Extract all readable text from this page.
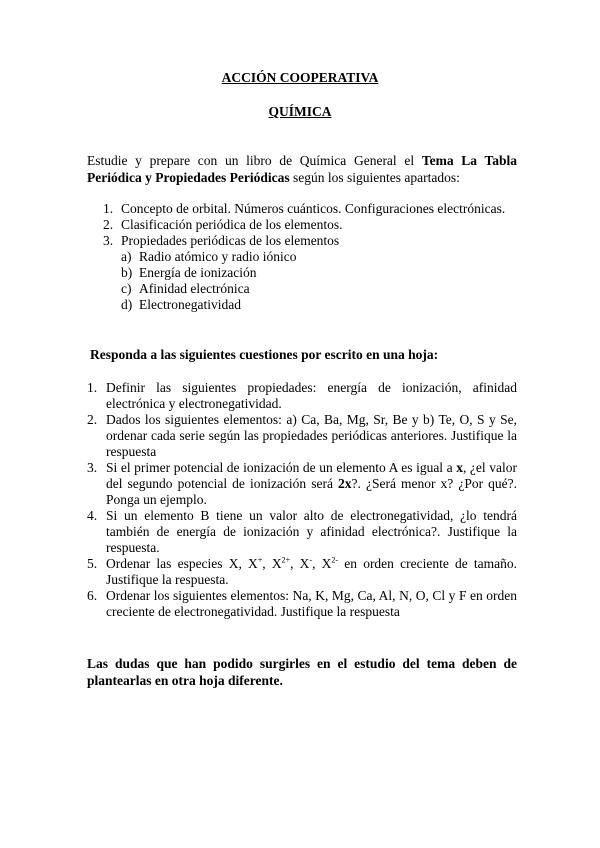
ACCIÓN COOPERATIVA
QUÍMICA
Estudie y prepare con un libro de Química General el Tema La Tabla Periódica y Propiedades Periódicas según los siguientes apartados:
1. Concepto de orbital. Números cuánticos. Configuraciones electrónicas.
2. Clasificación periódica de los elementos.
3. Propiedades periódicas de los elementos
a) Radio atómico y radio iónico
b) Energía de ionización
c) Afinidad electrónica
d) Electronegatividad
Responda a las siguientes cuestiones por escrito en una hoja:
1. Definir las siguientes propiedades: energía de ionización, afinidad electrónica y electronegatividad.
2. Dados los siguientes elementos: a) Ca, Ba, Mg, Sr, Be y b) Te, O, S y Se, ordenar cada serie según las propiedades periódicas anteriores. Justifique la respuesta
3. Si el primer potencial de ionización de un elemento A es igual a x, ¿el valor del segundo potencial de ionización será 2x?. ¿Será menor x? ¿Por qué?. Ponga un ejemplo.
4. Si un elemento B tiene un valor alto de electronegatividad, ¿lo tendrá también de energía de ionización y afinidad electrónica?. Justifique la respuesta.
5. Ordenar las especies X, X+, $X^{2+}$, X-, $X^{2-}$ en orden creciente de tamaño. Justifique la respuesta.
6. Ordenar los siguientes elementos: Na, K, Mg, Ca, Al, N, O, Cl y F en orden creciente de electronegatividad. Justifique la respuesta
Las dudas que han podido surgirles en el estudio del tema deben de plantearlas en otra hoja diferente.
